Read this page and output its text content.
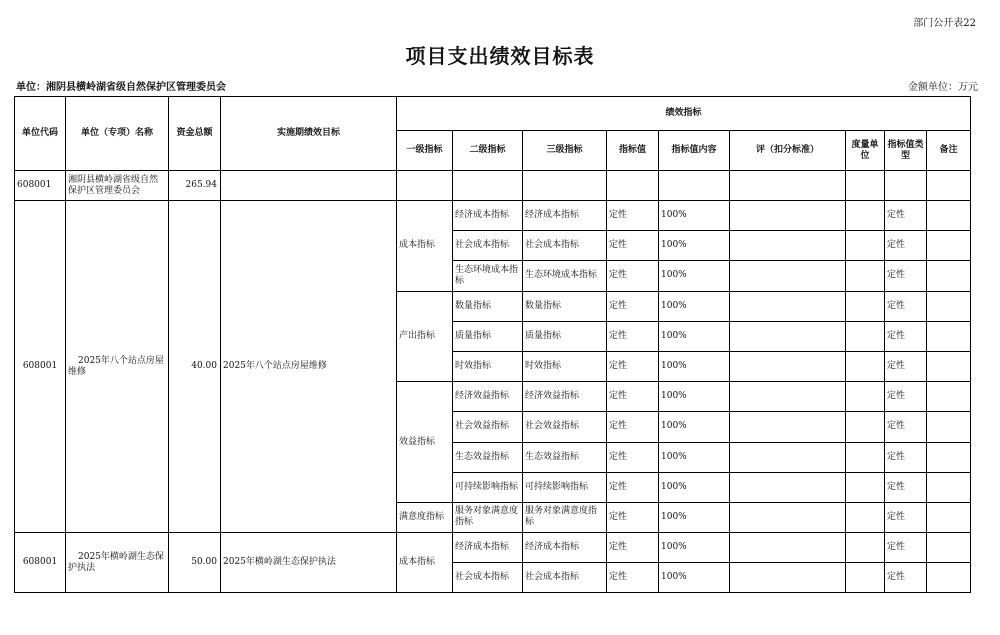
部门公开表22
项目支出绩效目标表
单位：湘阴县横岭湖省级自然保护区管理委员会	金额单位：万元
单位代码	单位（专项）名称	资金总额	实施期绩效目标	绩效指标								
				一级指标	二级指标	三级指标	指标值	指标值内容	评（扣分标准）	度量单位	指标值类型	备注
608001	湘阴县横岭湖省级自然保护区管理委员会	265.94										
608001	2025年八个站点房屋维修	40.00	2025年八个站点房屋维修	成本指标	经济成本指标	经济成本指标	定性	100%			定性	
					社会成本指标	社会成本指标	定性	100%			定性	
					生态环境成本指标	生态环境成本指标	定性	100%			定性	
				产出指标	数量指标	数量指标	定性	100%			定性	
					质量指标	质量指标	定性	100%			定性	
					时效指标	时效指标	定性	100%			定性	
				效益指标	经济效益指标	经济效益指标	定性	100%			定性	
					社会效益指标	社会效益指标	定性	100%			定性	
					生态效益指标	生态效益指标	定性	100%			定性	
					可持续影响指标	可持续影响指标	定性	100%			定性	
				满意度指标	服务对象满意度指标	服务对象满意度指标	定性	100%			定性	
608001	2025年横岭湖生态保护执法	50.00	2025年横岭湖生态保护执法	成本指标	经济成本指标	经济成本指标	定性	100%			定性	
					社会成本指标	社会成本指标	定性	100%			定性	
